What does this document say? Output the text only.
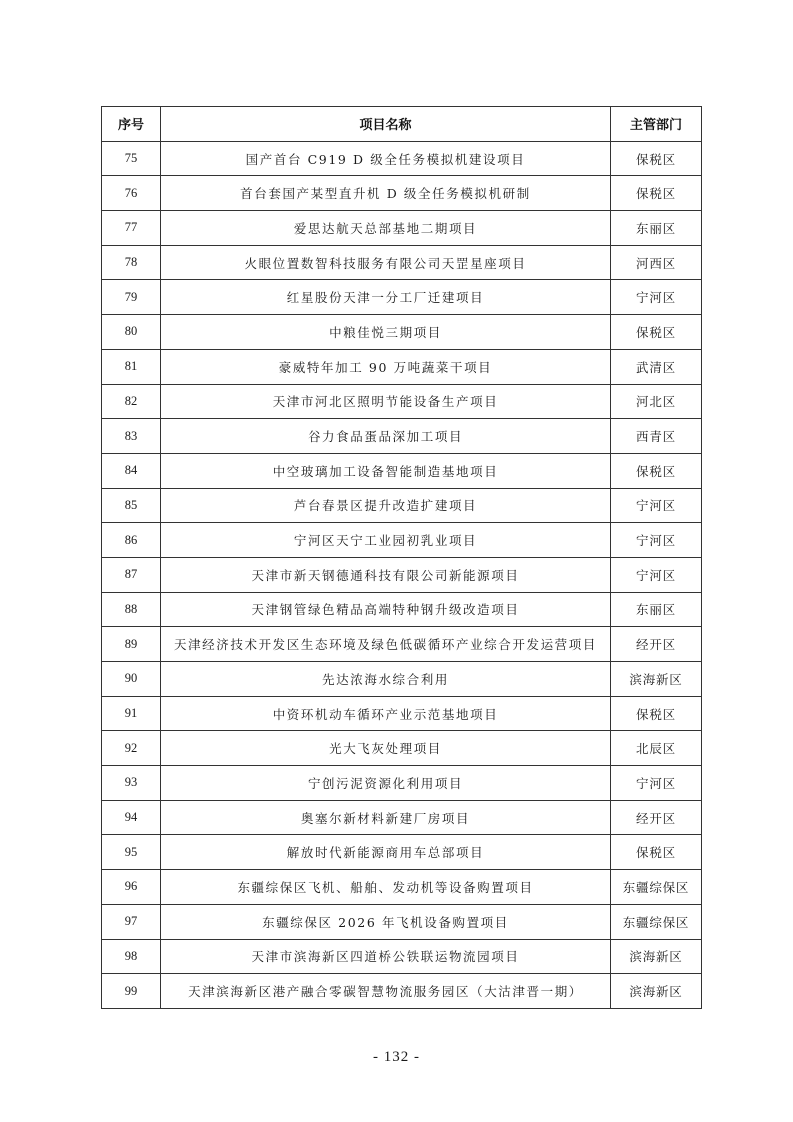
序号	项目名称	主管部门
75	国产首台 C919 D 级全任务模拟机建设项目	保税区
76	首台套国产某型直升机 D 级全任务模拟机研制	保税区
77	爱思达航天总部基地二期项目	东丽区
78	火眼位置数智科技服务有限公司天罡星座项目	河西区
79	红星股份天津一分工厂迁建项目	宁河区
80	中粮佳悦三期项目	保税区
81	豪威特年加工 90 万吨蔬菜干项目	武清区
82	天津市河北区照明节能设备生产项目	河北区
83	谷力食品蛋品深加工项目	西青区
84	中空玻璃加工设备智能制造基地项目	保税区
85	芦台春景区提升改造扩建项目	宁河区
86	宁河区天宁工业园初乳业项目	宁河区
87	天津市新天钢德通科技有限公司新能源项目	宁河区
88	天津钢管绿色精品高端特种钢升级改造项目	东丽区
89	天津经济技术开发区生态环境及绿色低碳循环产业综合开发运营项目	经开区
90	先达浓海水综合利用	滨海新区
91	中资环机动车循环产业示范基地项目	保税区
92	光大飞灰处理项目	北辰区
93	宁创污泥资源化利用项目	宁河区
94	奥塞尔新材料新建厂房项目	经开区
95	解放时代新能源商用车总部项目	保税区
96	东疆综保区飞机、船舶、发动机等设备购置项目	东疆综保区
97	东疆综保区 2026 年飞机设备购置项目	东疆综保区
98	天津市滨海新区四道桥公铁联运物流园项目	滨海新区
99	天津滨海新区港产融合零碳智慧物流服务园区（大沽津晋一期）	滨海新区
- 132 -
